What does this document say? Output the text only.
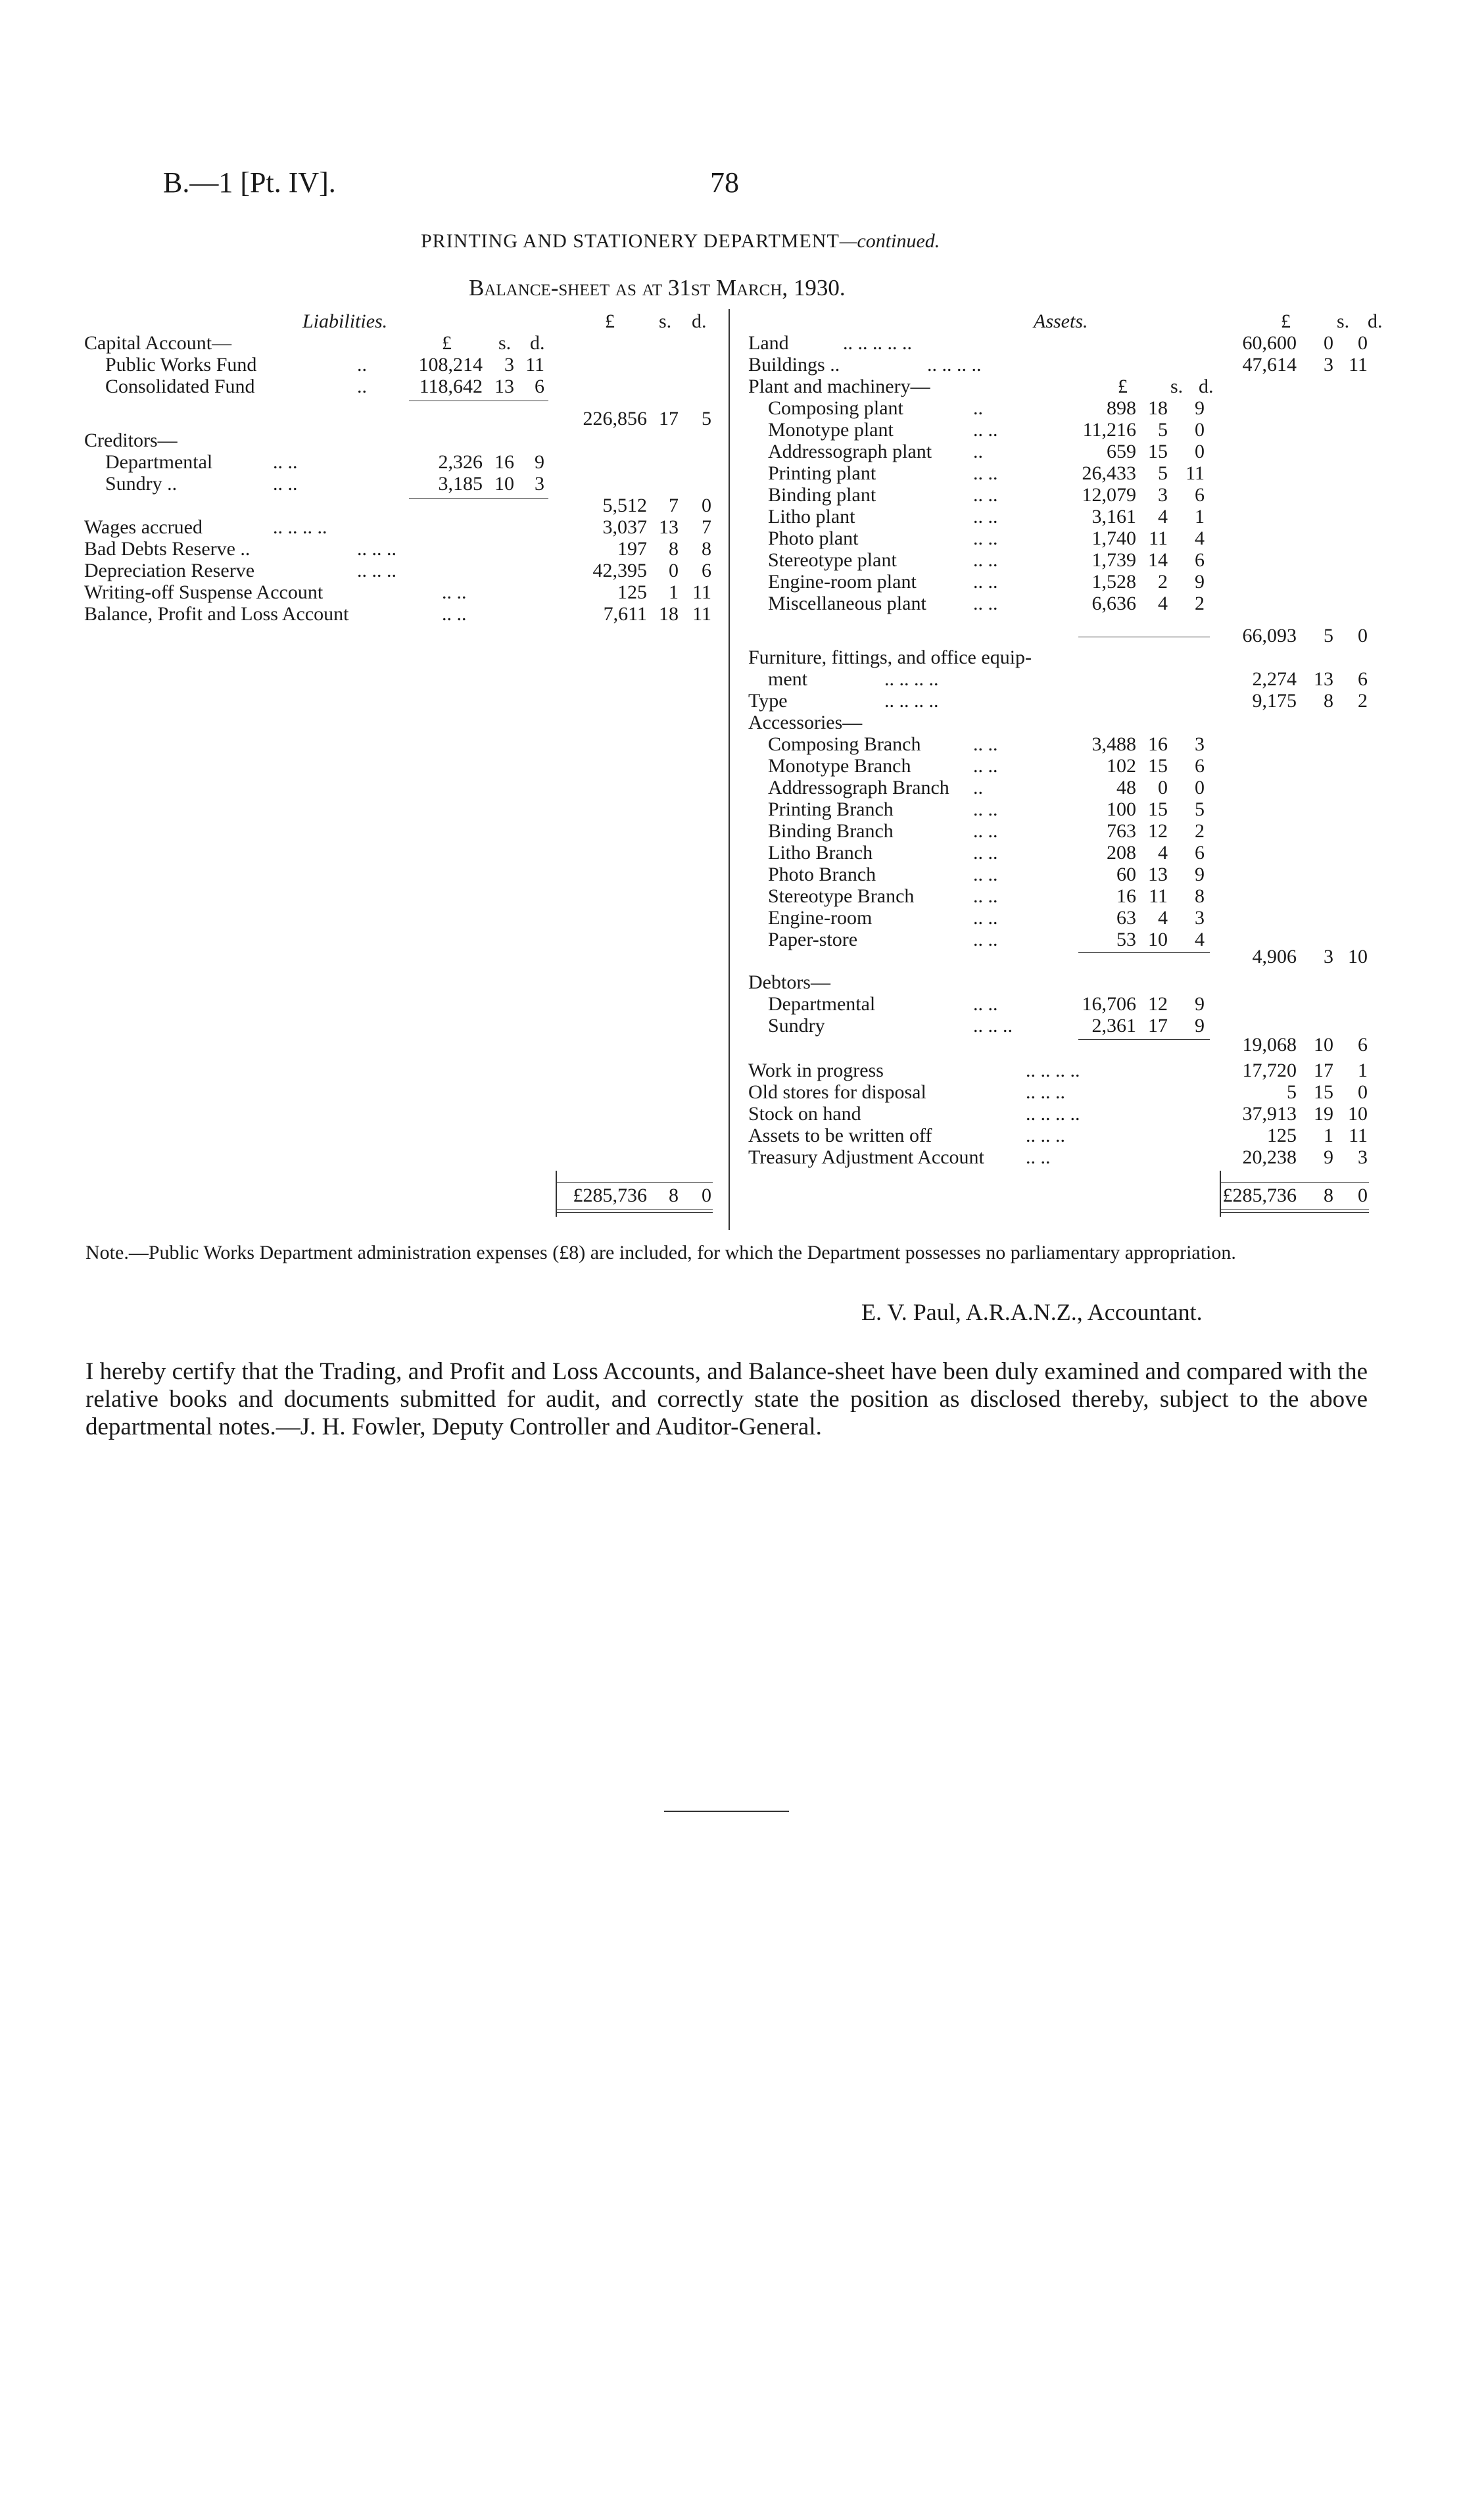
B.—1 [Pt. IV].	78
PRINTING AND STATIONERY DEPARTMENT—continued.
Balance-sheet as at 31st March, 1930.
Liabilities.	£ s. d.
£ s. d.
Capital Account—
Public Works Fund	..	108,214	3 11
Consolidated Fund	..	118,642 13	6
226,856 17	5
Creditors—
Departmental	.. ..	2,326 16	9
Sundry ..	.. ..	3,185 10	3
5,512	7	0
Wages accrued	.. .. .. ..	3,037 13	7
Bad Debts Reserve ..	.. .. ..	197	8	8
Depreciation Reserve	.. .. ..	42,395	0	6
Writing-off Suspense Account	.. ..	125	1 11
Balance, Profit and Loss Account	.. ..	7,611 18 11
£285,736	8	0
Assets.	£ s. d.
Land	.. .. .. .. ..	60,600	0	0
Buildings ..	.. .. .. ..	47,614	3 11
Plant and machinery—	£ s. d.
Composing plant	..	898 18	9
Monotype plant	.. ..	11,216	5	0
Addressograph plant ..	659 15	0
Printing plant	.. ..	26,433	5 11
Binding plant	.. ..	12,079	3	6
Litho plant	.. ..	3,161	4	1
Photo plant	.. ..	1,740 11	4
Stereotype plant	.. ..	1,739 14	6
Engine-room plant	.. ..	1,528	2	9
Miscellaneous plant .. ..	6,636	4	2
66,093	5	0
Furniture, fittings, and office equip-
ment	.. .. .. ..	2,274 13	6
Type	.. .. .. ..	9,175	8	2
Accessories—
Composing Branch	.. ..	3,488 16	3
Monotype Branch	.. ..	102 15	6
Addressograph Branch ..	48	0	0
Printing Branch	.. ..	100 15	5
Binding Branch	.. ..	763 12	2
Litho Branch	.. ..	208	4	6
Photo Branch	.. ..	60 13	9
Stereotype Branch	.. ..	16 11	8
Engine-room	.. ..	63	4	3
Paper-store	.. ..	53 10	4
4,906	3 10
Debtors—
Departmental	.. ..	16,706 12	9
Sundry	.. .. ..	2,361 17	9
19,068 10	6
Work in progress	.. .. .. ..	17,720 17	1
Old stores for disposal	.. .. ..	5 15	0
Stock on hand	.. .. .. ..	37,913 19 10
Assets to be written off	.. .. ..	125	1 11
Treasury Adjustment Account .. ..	20,238	9	3
£285,736	8	0
Note.—Public Works Department administration expenses (£8) are included, for which the Department possesses no parliamentary appropriation.
E. V. Paul, A.R.A.N.Z., Accountant.
I hereby certify that the Trading, and Profit and Loss Accounts, and Balance-sheet have been duly examined and compared with the relative books and documents submitted for audit, and correctly state the position as disclosed thereby, subject to the above departmental notes.—J. H. Fowler, Deputy Controller and Auditor-General.
